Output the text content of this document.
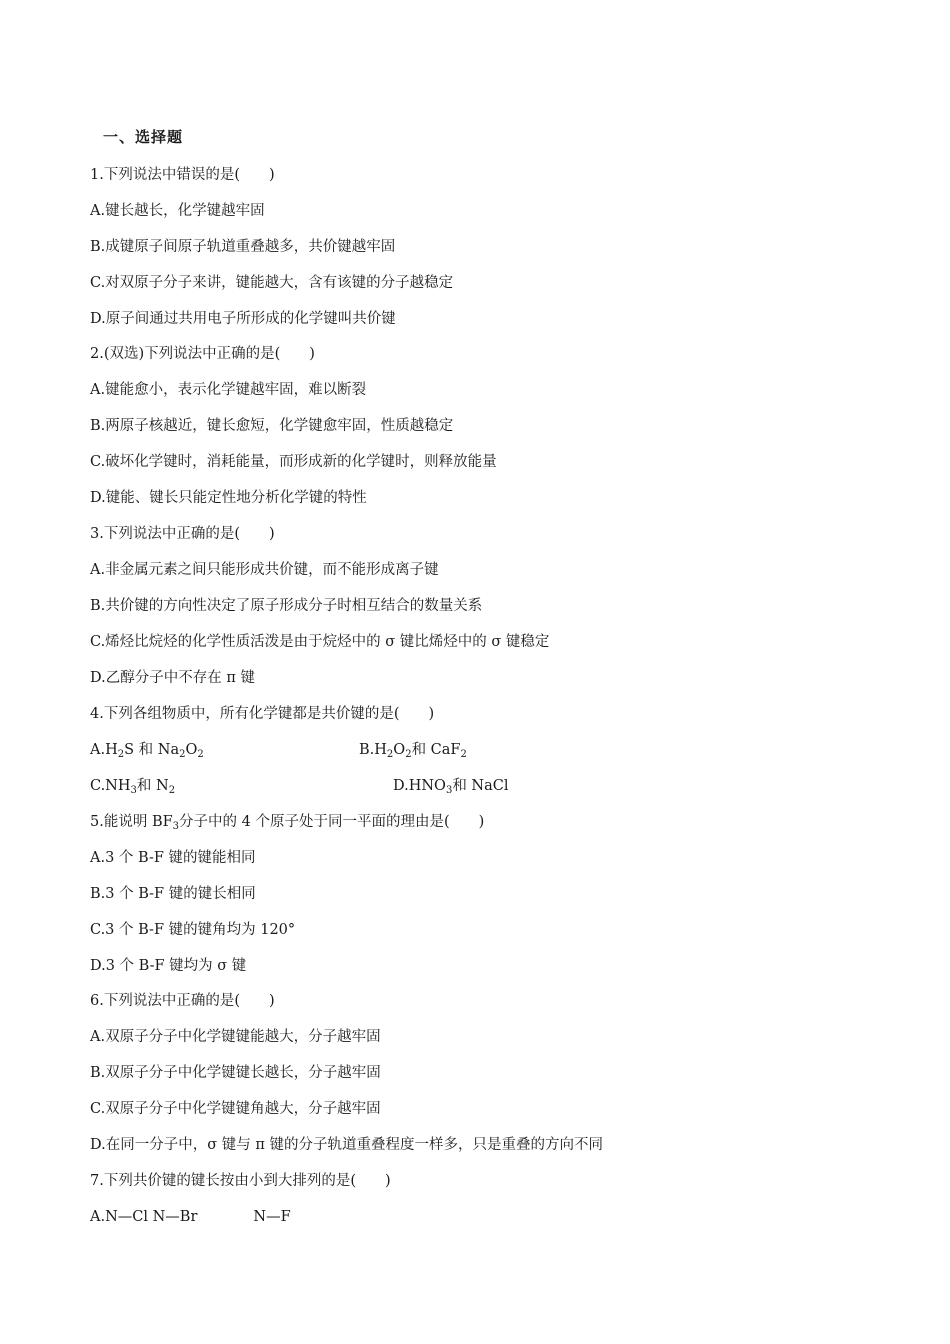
一、选择题
1.下列说法中错误的是(　　)
A.键长越长，化学键越牢固
B.成键原子间原子轨道重叠越多，共价键越牢固
C.对双原子分子来讲，键能越大，含有该键的分子越稳定
D.原子间通过共用电子所形成的化学键叫共价键
2.(双选)下列说法中正确的是(　　)
A.键能愈小，表示化学键越牢固，难以断裂
B.两原子核越近，键长愈短，化学键愈牢固，性质越稳定
C.破坏化学键时，消耗能量，而形成新的化学键时，则释放能量
D.键能、键长只能定性地分析化学键的特性
3.下列说法中正确的是(　　)
A.非金属元素之间只能形成共价键，而不能形成离子键
B.共价键的方向性决定了原子形成分子时相互结合的数量关系
C.烯烃比烷烃的化学性质活泼是由于烷烃中的 σ 键比烯烃中的 σ 键稳定
D.乙醇分子中不存在 π 键
4.下列各组物质中，所有化学键都是共价键的是(　　)
$A.H_2S$ 和 $Na_2O_2$	$B.H_2O_2$和 CaF$_2$
$C.NH_3$和 $N_2$	$D.HNO_3$和 NaCl
5.能说明 $BF_3$分子中的 4 个原子处于同一平面的理由是(　　)
A.3 个 B-F 键的键能相同
B.3 个 B-F 键的键长相同
C.3 个 B-F 键的键角均为 120°
D.3 个 B-F 键均为 σ 键
6.下列说法中正确的是(　　)
A.双原子分子中化学键键能越大，分子越牢固
B.双原子分子中化学键键长越长，分子越牢固
C.双原子分子中化学键键角越大，分子越牢固
D.在同一分子中，σ 键与 π 键的分子轨道重叠程度一样多，只是重叠的方向不同
7.下列共价键的键长按由小到大排列的是(　　)
A.N—Cl N—Br	N—F
